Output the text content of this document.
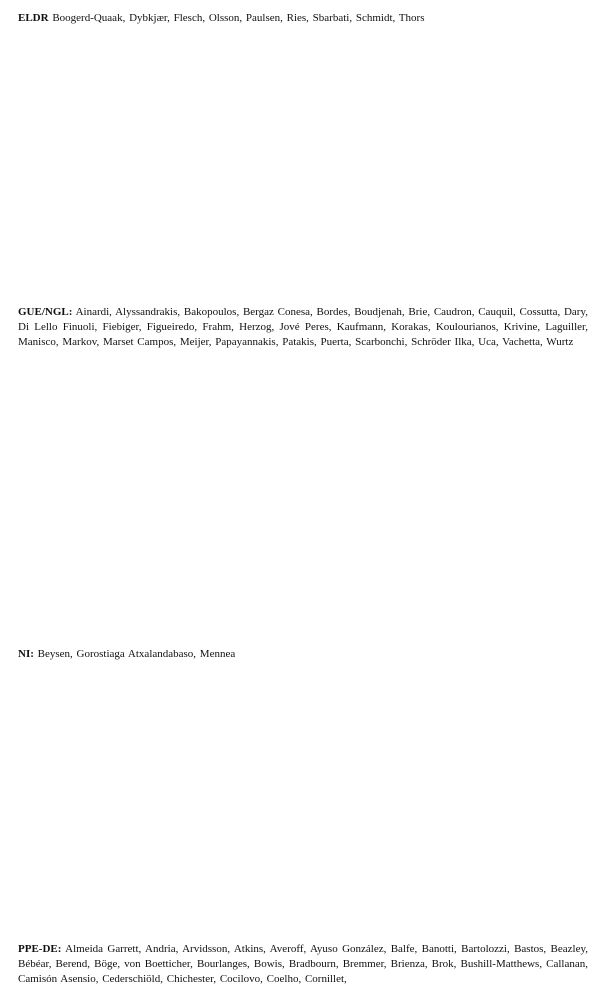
ELDR Boogerd-Quaak, Dybkjær, Flesch, Olsson, Paulsen, Ries, Sbarbati, Schmidt, Thors

GUE/NGL: Ainardi, Alyssandrakis, Bakopoulos, Bergaz Conesa, Bordes, Boudjenah, Brie, Caudron, Cauquil, Cossutta, Dary, Di Lello Finuoli, Fiebiger, Figueiredo, Frahm, Herzog, Jové Peres, Kaufmann, Korakas, Koulourianos, Krivine, Laguiller, Manisco, Markov, Marset Campos, Meijer, Papayannakis, Patakis, Puerta, Scarbonchi, Schröder Ilka, Uca, Vachetta, Wurtz

NI: Beysen, Gorostiaga Atxalandabaso, Mennea

PPE-DE: Almeida Garrett, Andria, Arvidsson, Atkins, Averoff, Ayuso González, Balfe, Banotti, Bartolozzi, Bastos, Beazley, Bébéar, Berend, Böge, von Boetticher, Bourlanges, Bowis, Bradbourn, Bremmer, Brienza, Brok, Bushill-Matthews, Callanan, Camisón Asensio, Cederschiöld, Chichester, Cocilovo, Coelho, Cornillet,
